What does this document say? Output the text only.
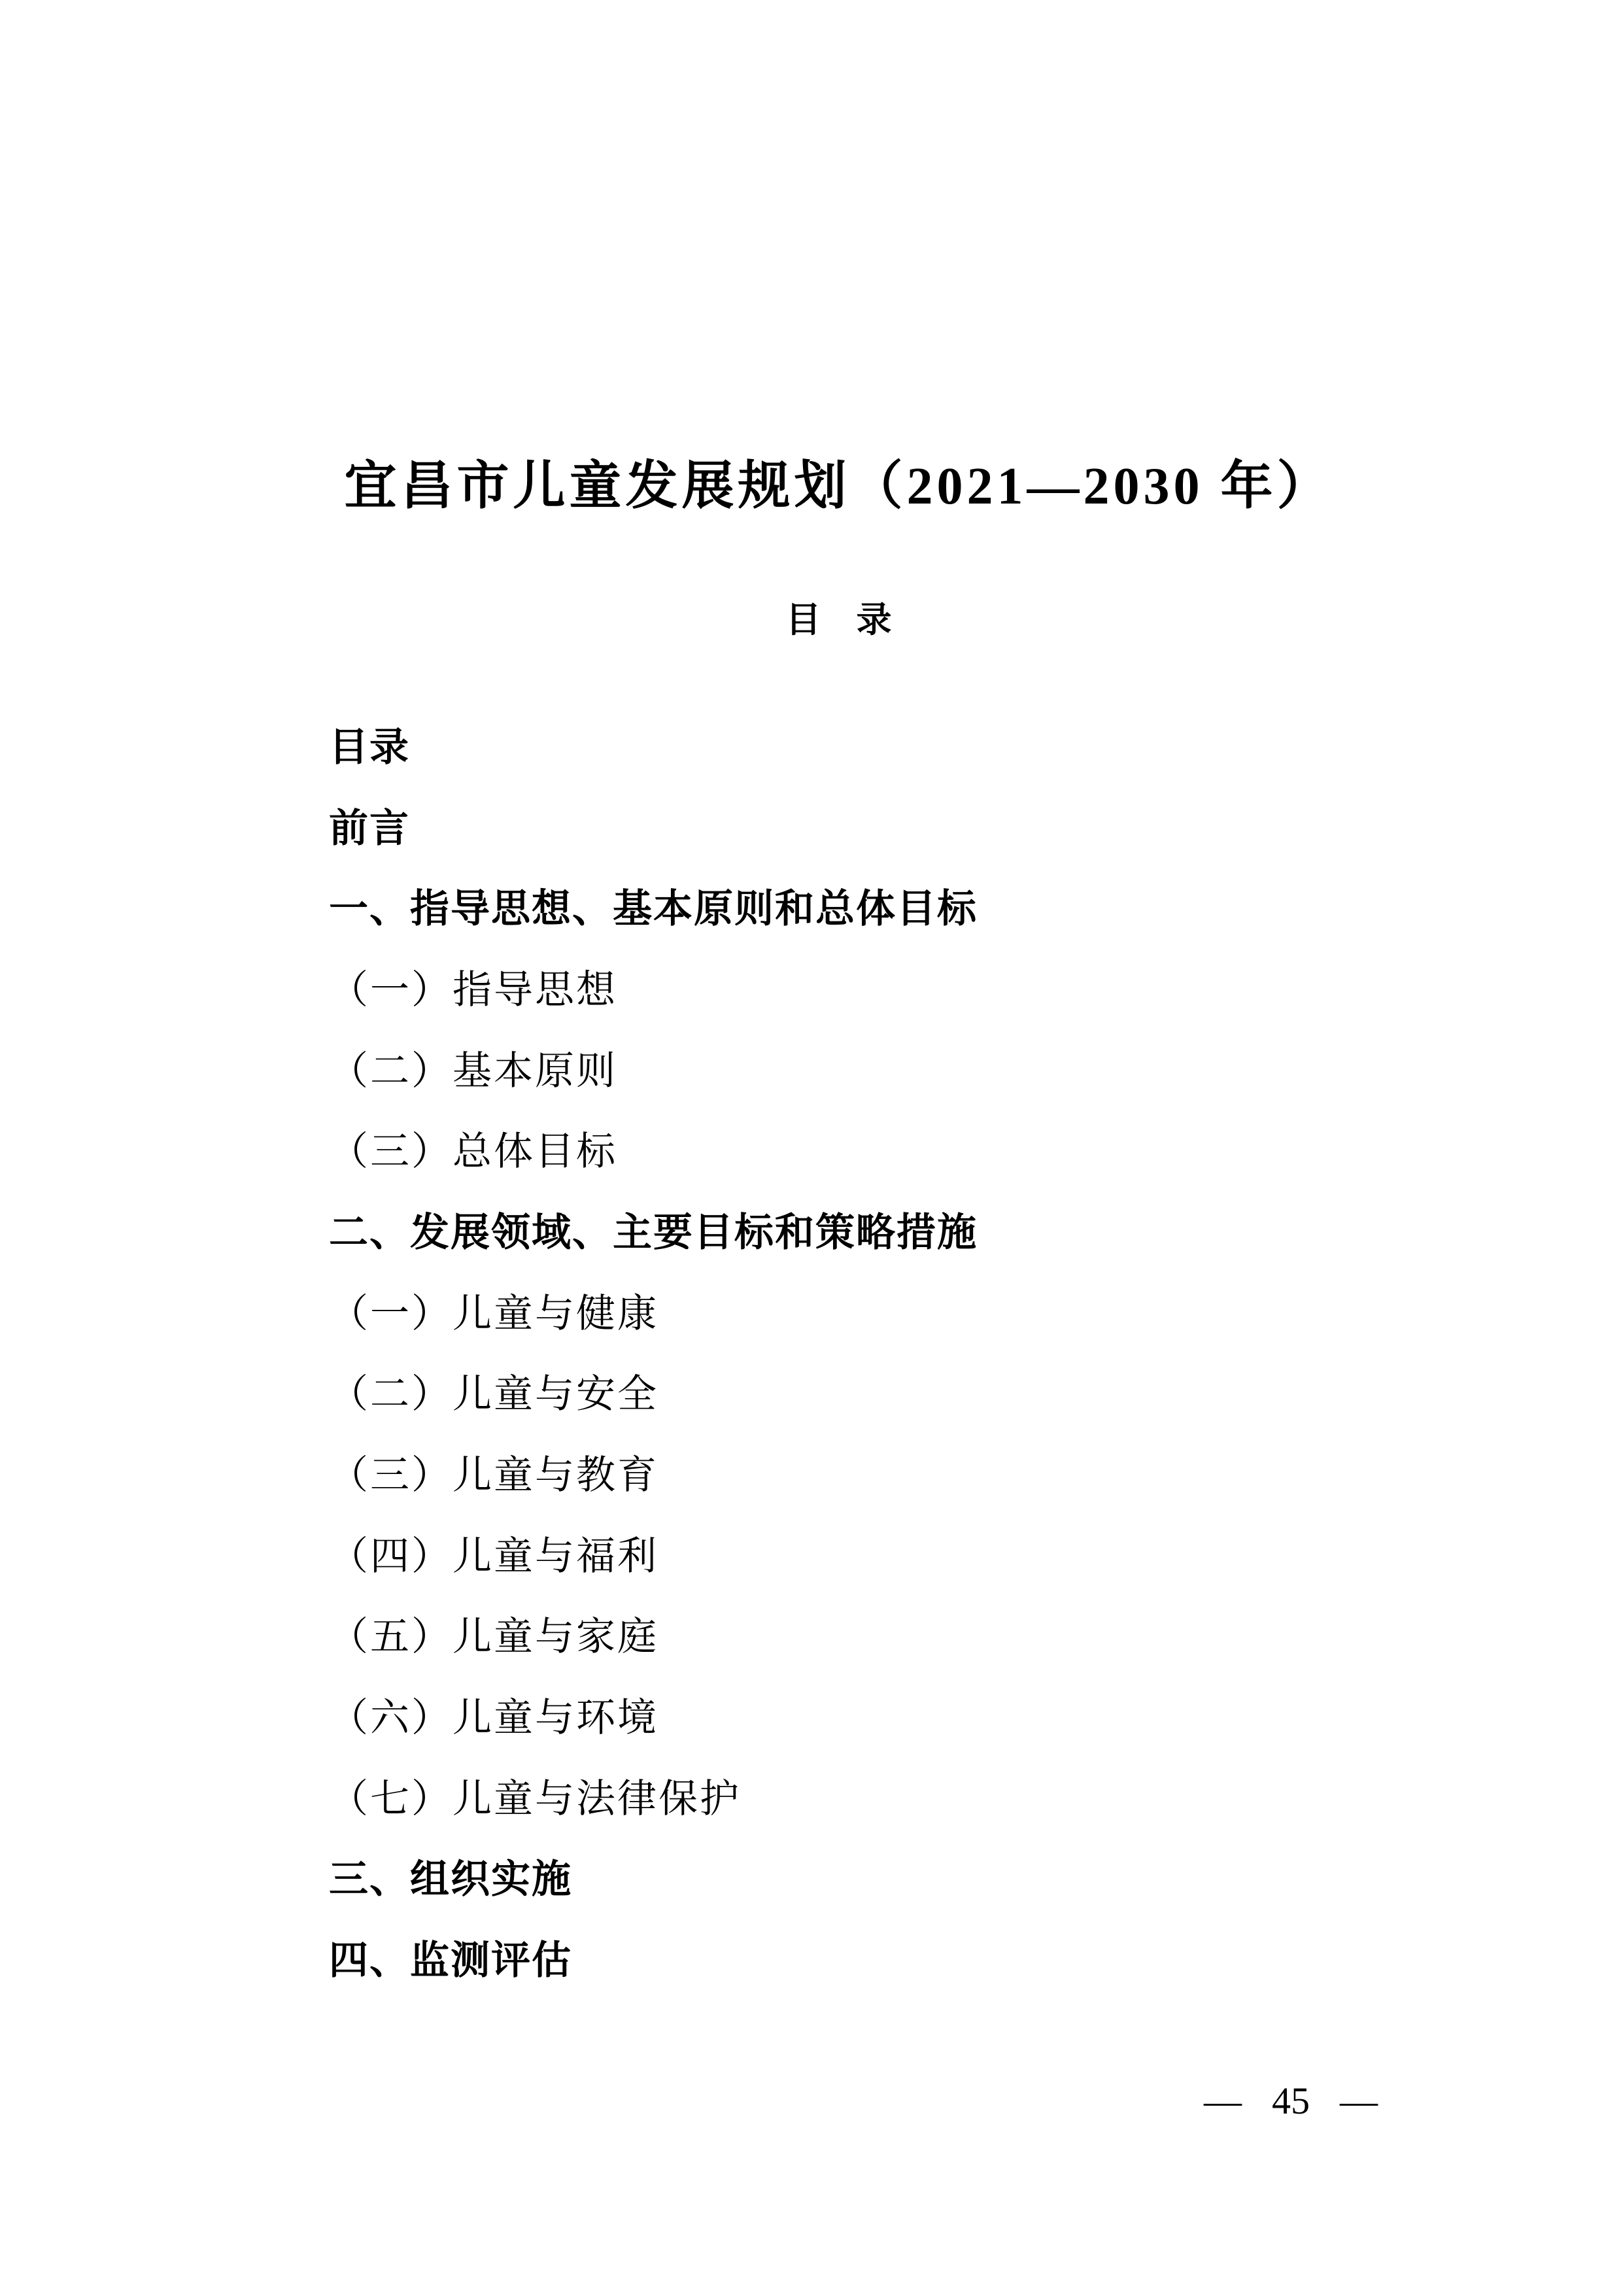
宜昌市儿童发展规划（2021—2030 年）
目　录
目录
前言
一、指导思想、基本原则和总体目标
（一）指导思想
（二）基本原则
（三）总体目标
二、发展领域、主要目标和策略措施
（一）儿童与健康
（二）儿童与安全
（三）儿童与教育
（四）儿童与福利
（五）儿童与家庭
（六）儿童与环境
（七）儿童与法律保护
三、组织实施
四、监测评估
— 45 —
